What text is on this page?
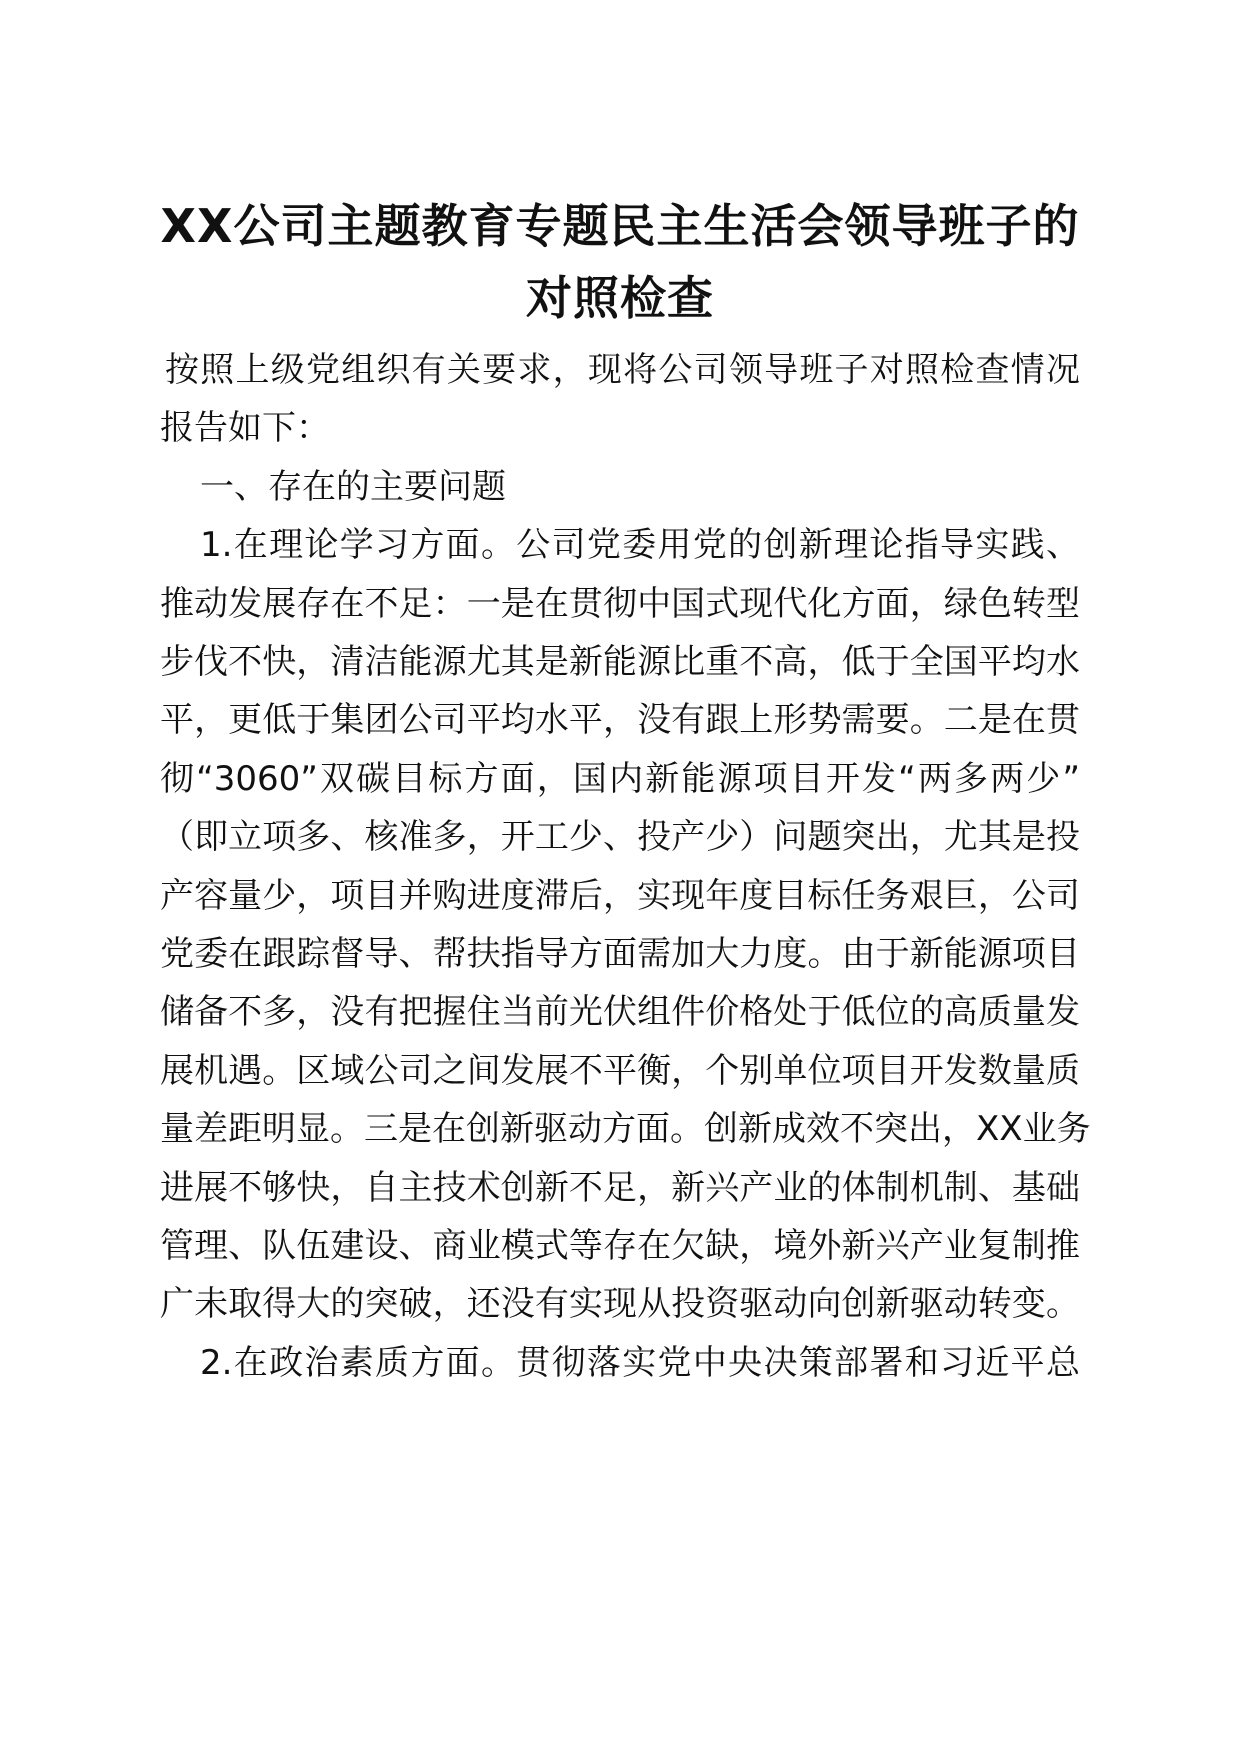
XX公司主题教育专题民主生活会领导班子的
对照检查
按照上级党组织有关要求，现将公司领导班子对照检查情况
报告如下：
一、存在的主要问题
1.在理论学习方面。公司党委用党的创新理论指导实践、
推动发展存在不足：一是在贯彻中国式现代化方面，绿色转型
步伐不快，清洁能源尤其是新能源比重不高，低于全国平均水
平，更低于集团公司平均水平，没有跟上形势需要。二是在贯
彻“3060”双碳目标方面，国内新能源项目开发“两多两少”
（即立项多、核准多，开工少、投产少）问题突出，尤其是投
产容量少，项目并购进度滞后，实现年度目标任务艰巨，公司
党委在跟踪督导、帮扶指导方面需加大力度。由于新能源项目
储备不多，没有把握住当前光伏组件价格处于低位的高质量发
展机遇。区域公司之间发展不平衡，个别单位项目开发数量质
量差距明显。三是在创新驱动方面。创新成效不突出，XX业务
进展不够快，自主技术创新不足，新兴产业的体制机制、基础
管理、队伍建设、商业模式等存在欠缺，境外新兴产业复制推
广未取得大的突破，还没有实现从投资驱动向创新驱动转变。
2.在政治素质方面。贯彻落实党中央决策部署和习近平总
